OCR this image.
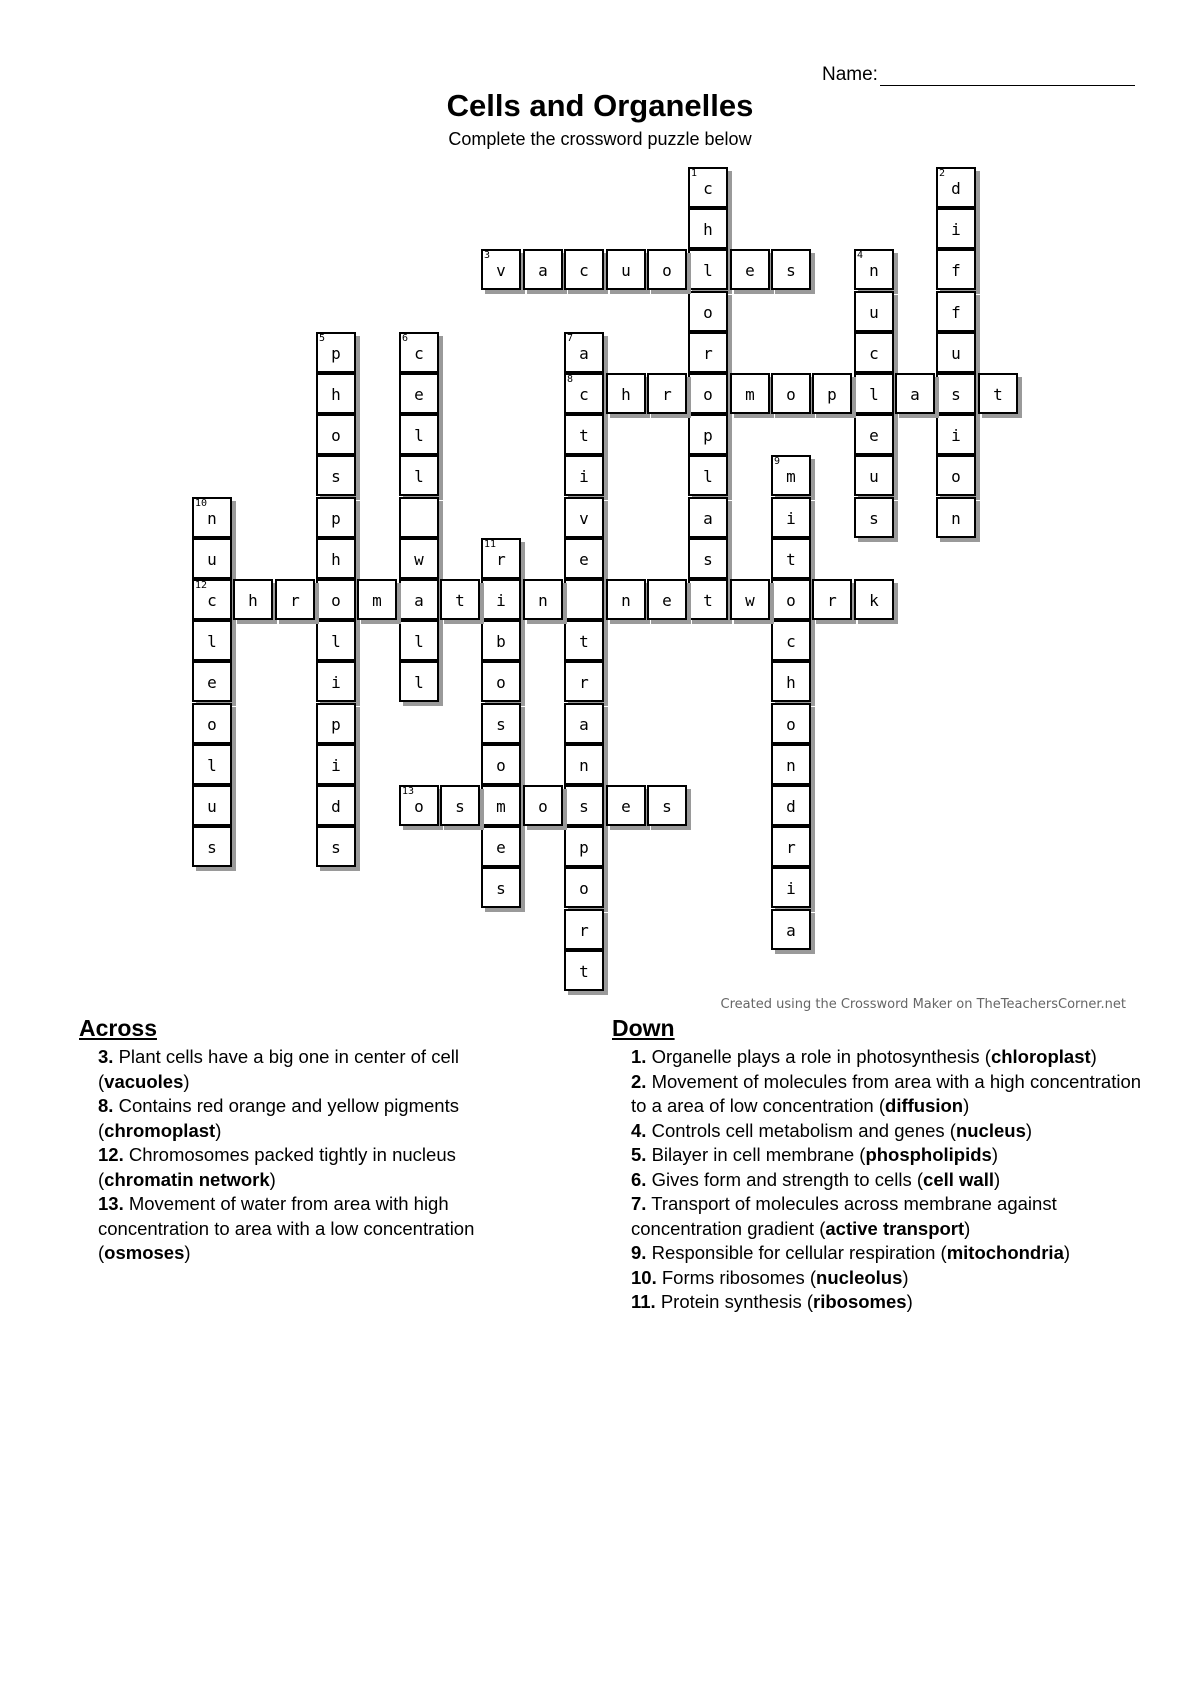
Name:
Cells and Organelles
Complete the crossword puzzle below
1
c
h
l
o
r
o
p
l
a
s
t
2
d
i
f
f
u
s
i
o
n
3
v	a	c	u	o	e	s
4
n
u
c
l
e
u
s
5
p
h
o
s
p
h
o
l
i
p
i
d
s
6
c
e
l
l
w
a
l
l
7
a
8
c
t
i
v
e
t
r
a
n
s
p
o
r
t
h	r	m	o	p	a	t
9
m
i
t
o
c
h
o
n
d
r
i
a
10
n
u
12
c
l
e
o
l
u
s
11
r
i
b
o
s
o
m
e
s
h	r	m	t	n	n	e	w	r	k
13
o	s	o	e	s
Created using the Crossword Maker on TheTeachersCorner.net
Across
3. Plant cells have a big one in center of cell (vacuoles)
8. Contains red orange and yellow pigments (chromoplast)
12. Chromosomes packed tightly in nucleus (chromatin network)
13. Movement of water from area with high concentration to area with a low concentration (osmoses)
Down
1. Organelle plays a role in photosynthesis (chloroplast)
2. Movement of molecules from area with a high concentration to a area of low concentration (diffusion)
4. Controls cell metabolism and genes (nucleus)
5. Bilayer in cell membrane (phospholipids)
6. Gives form and strength to cells (cell wall)
7. Transport of molecules across membrane against concentration gradient (active transport)
9. Responsible for cellular respiration (mitochondria)
10. Forms ribosomes (nucleolus)
11. Protein synthesis (ribosomes)
